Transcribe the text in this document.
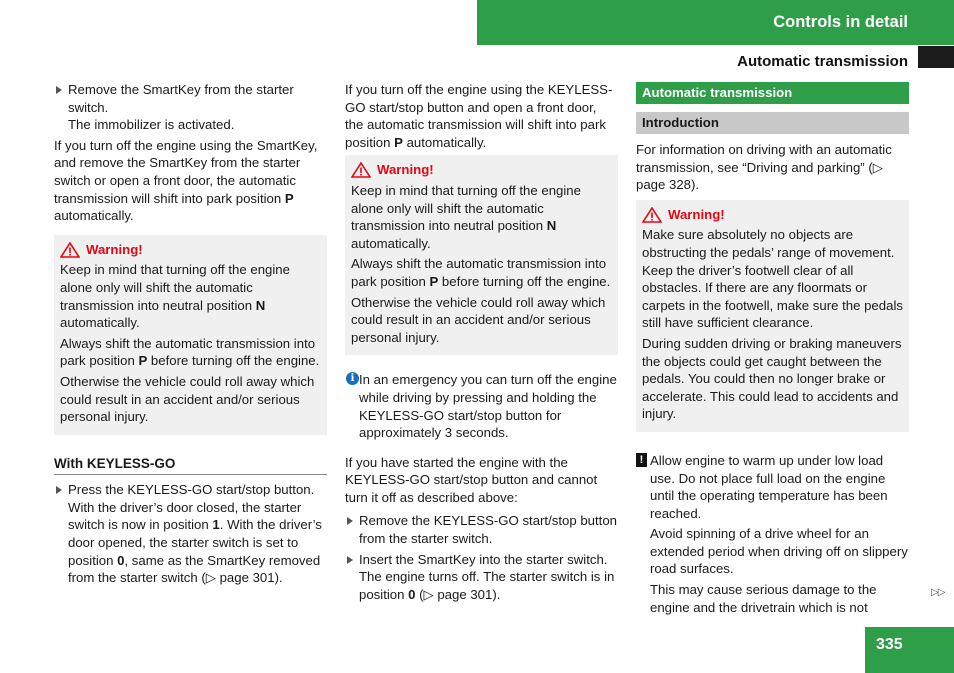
Controls in detail
Automatic transmission

Remove the SmartKey from the starter switch.

The immobilizer is activated.

If you turn off the engine using the SmartKey, and remove the SmartKey from the starter switch or open a front door, the automatic transmission will shift into park position P automatically.

Warning!

Keep in mind that turning off the engine alone only will shift the automatic transmission into neutral position N automatically.

Always shift the automatic transmission into park position P before turning off the engine.

Otherwise the vehicle could roll away which could result in an accident and/or serious personal injury.

With KEYLESS-GO

Press the KEYLESS-GO start/stop button. With the driver’s door closed, the starter switch is now in position 1. With the driver’s door opened, the starter switch is set to position 0, same as the SmartKey removed from the starter switch (▷ page 301).

If you turn off the engine using the KEYLESS-GO start/stop button and open a front door, the automatic transmission will shift into park position P automatically.

Warning!

Keep in mind that turning off the engine alone only will shift the automatic transmission into neutral position N automatically.

Always shift the automatic transmission into park position P before turning off the engine.

Otherwise the vehicle could roll away which could result in an accident and/or serious personal injury.

i In an emergency you can turn off the engine while driving by pressing and holding the KEYLESS-GO start/stop button for approximately 3 seconds.

If you have started the engine with the KEYLESS-GO start/stop button and cannot turn it off as described above:

Remove the KEYLESS-GO start/stop button from the starter switch.

Insert the SmartKey into the starter switch. The engine turns off. The starter switch is in position 0 (▷ page 301).

Automatic transmission
Introduction

For information on driving with an automatic transmission, see “Driving and parking” (▷ page 328).

Warning!

Make sure absolutely no objects are obstructing the pedals’ range of movement. Keep the driver’s footwell clear of all obstacles. If there are any floormats or carpets in the footwell, make sure the pedals still have sufficient clearance.

During sudden driving or braking maneuvers the objects could get caught between the pedals. You could then no longer brake or accelerate. This could lead to accidents and injury.

! Allow engine to warm up under low load use. Do not place full load on the engine until the operating temperature has been reached.

Avoid spinning of a drive wheel for an extended period when driving off on slippery road surfaces.

This may cause serious damage to the engine and the drivetrain which is not

▷▷
335
